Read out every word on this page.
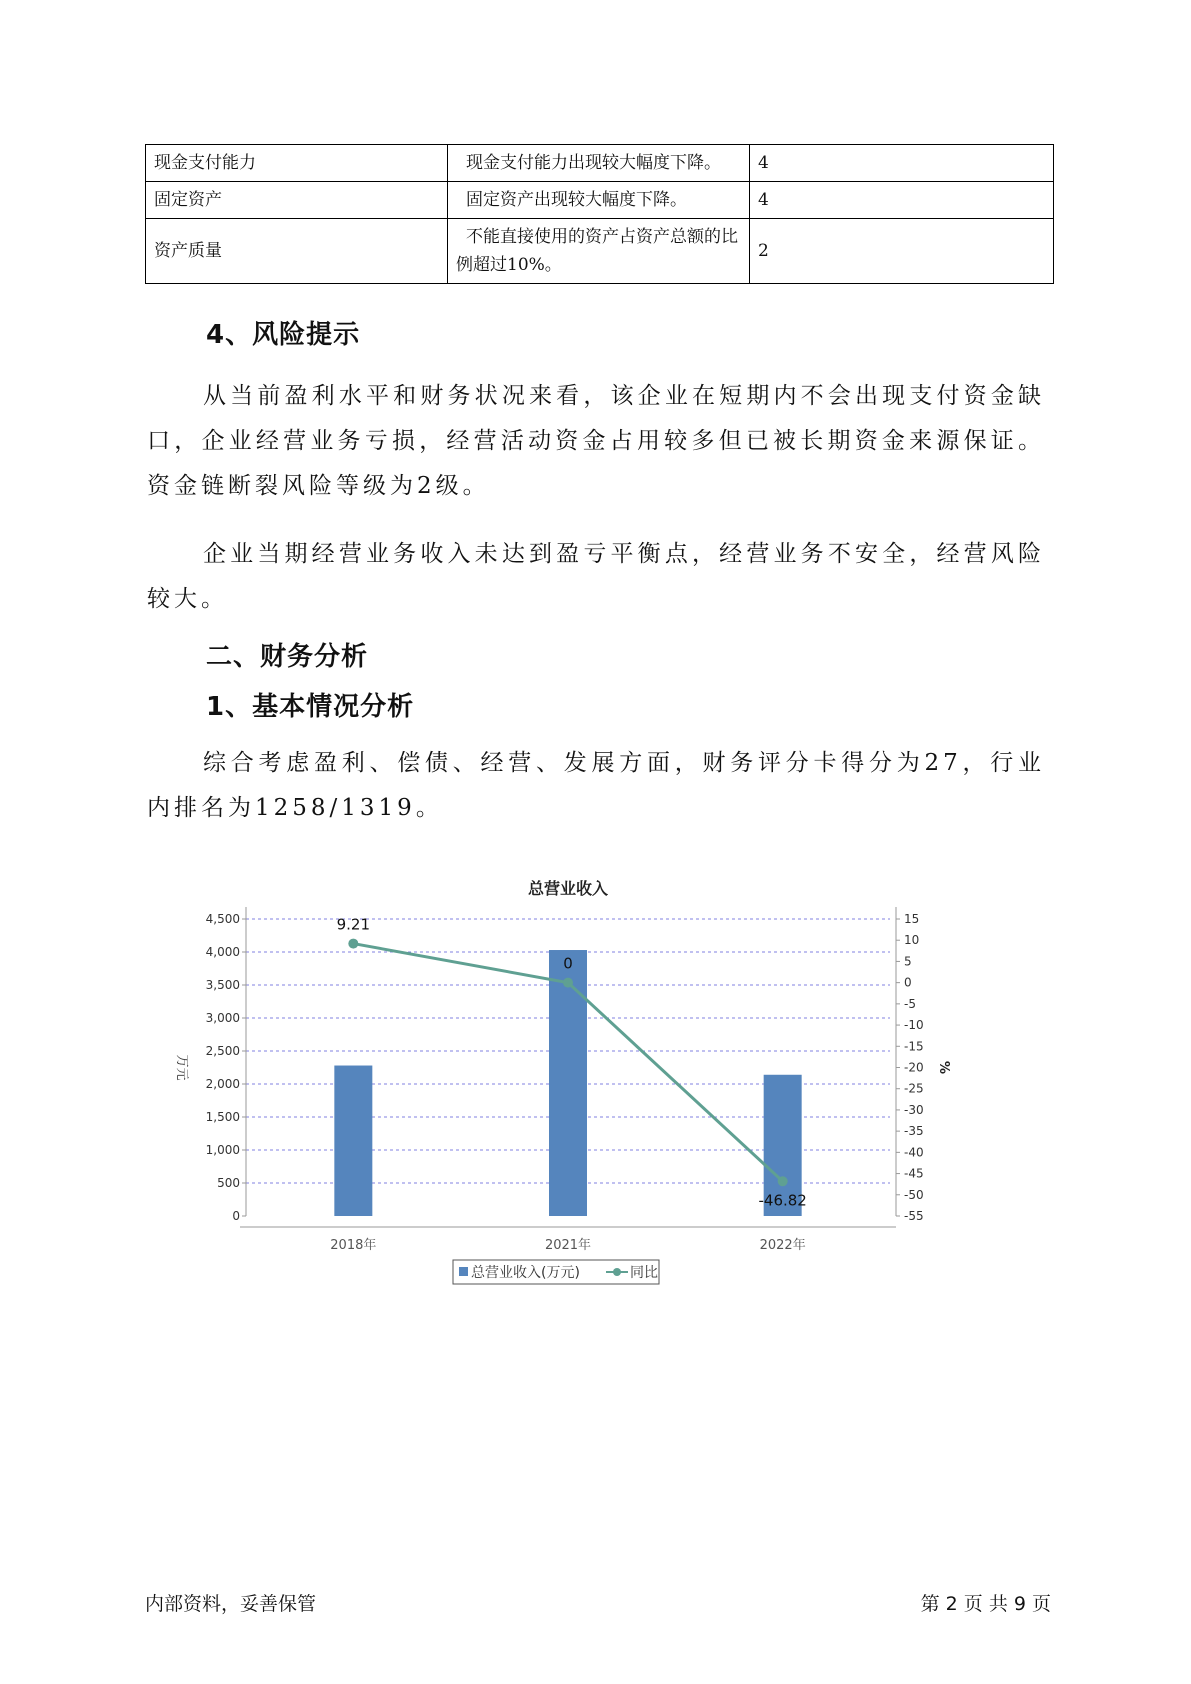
现金支付能力	现金支付能力出现较大幅度下降。	4
固定资产	固定资产出现较大幅度下降。	4
资产质量	不能直接使用的资产占资产总额的比例超过10%。	2
4、风险提示
从当前盈利水平和财务状况来看，该企业在短期内不会出现支付资金缺口，企业经营业务亏损，经营活动资金占用较多但已被长期资金来源保证。资金链断裂风险等级为2级。
企业当期经营业务收入未达到盈亏平衡点，经营业务不安全，经营风险较大。
二、财务分析
1、基本情况分析
综合考虑盈利、偿债、经营、发展方面，财务评分卡得分为27，行业内排名为1258/1319。
总营业收入
0
500
1,000
1,500
2,000
2,500
3,000
3,500
4,000
4,500	15
10
5
0
-5
-10
-15
-20
-25
-30
-35
-40
-45
-50
-55
万元	%
2018年	2021年	2022年
9.21
0
-46.82
总营业收入(万元)	同比
内部资料，妥善保管	第 2 页 共 9 页
